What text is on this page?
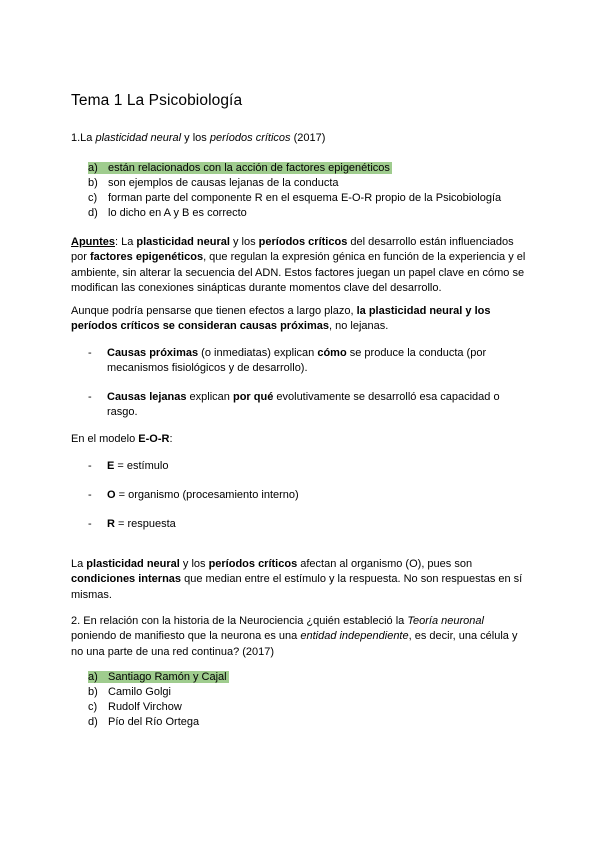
Tema 1 La Psicobiología
1.La plasticidad neural y los períodos críticos (2017)
a) están relacionados con la acción de factores epigenéticos
b) son ejemplos de causas lejanas de la conducta
c) forman parte del componente R en el esquema E-O-R propio de la Psicobiología
d) lo dicho en A y B es correcto
Apuntes: La plasticidad neural y los períodos críticos del desarrollo están influenciados por factores epigenéticos, que regulan la expresión génica en función de la experiencia y el ambiente, sin alterar la secuencia del ADN. Estos factores juegan un papel clave en cómo se modifican las conexiones sinápticas durante momentos clave del desarrollo.
Aunque podría pensarse que tienen efectos a largo plazo, la plasticidad neural y los períodos críticos se consideran causas próximas, no lejanas.
- Causas próximas (o inmediatas) explican cómo se produce la conducta (por mecanismos fisiológicos y de desarrollo).
- Causas lejanas explican por qué evolutivamente se desarrolló esa capacidad o rasgo.
En el modelo E-O-R:
- E = estímulo
- O = organismo (procesamiento interno)
- R = respuesta
La plasticidad neural y los períodos críticos afectan al organismo (O), pues son condiciones internas que median entre el estímulo y la respuesta. No son respuestas en sí mismas.
2. En relación con la historia de la Neurociencia ¿quién estableció la Teoría neuronal poniendo de manifiesto que la neurona es una entidad independiente, es decir, una célula y no una parte de una red continua? (2017)
a) Santiago Ramón y Cajal
b) Camilo Golgi
c) Rudolf Virchow
d) Pío del Río Ortega
